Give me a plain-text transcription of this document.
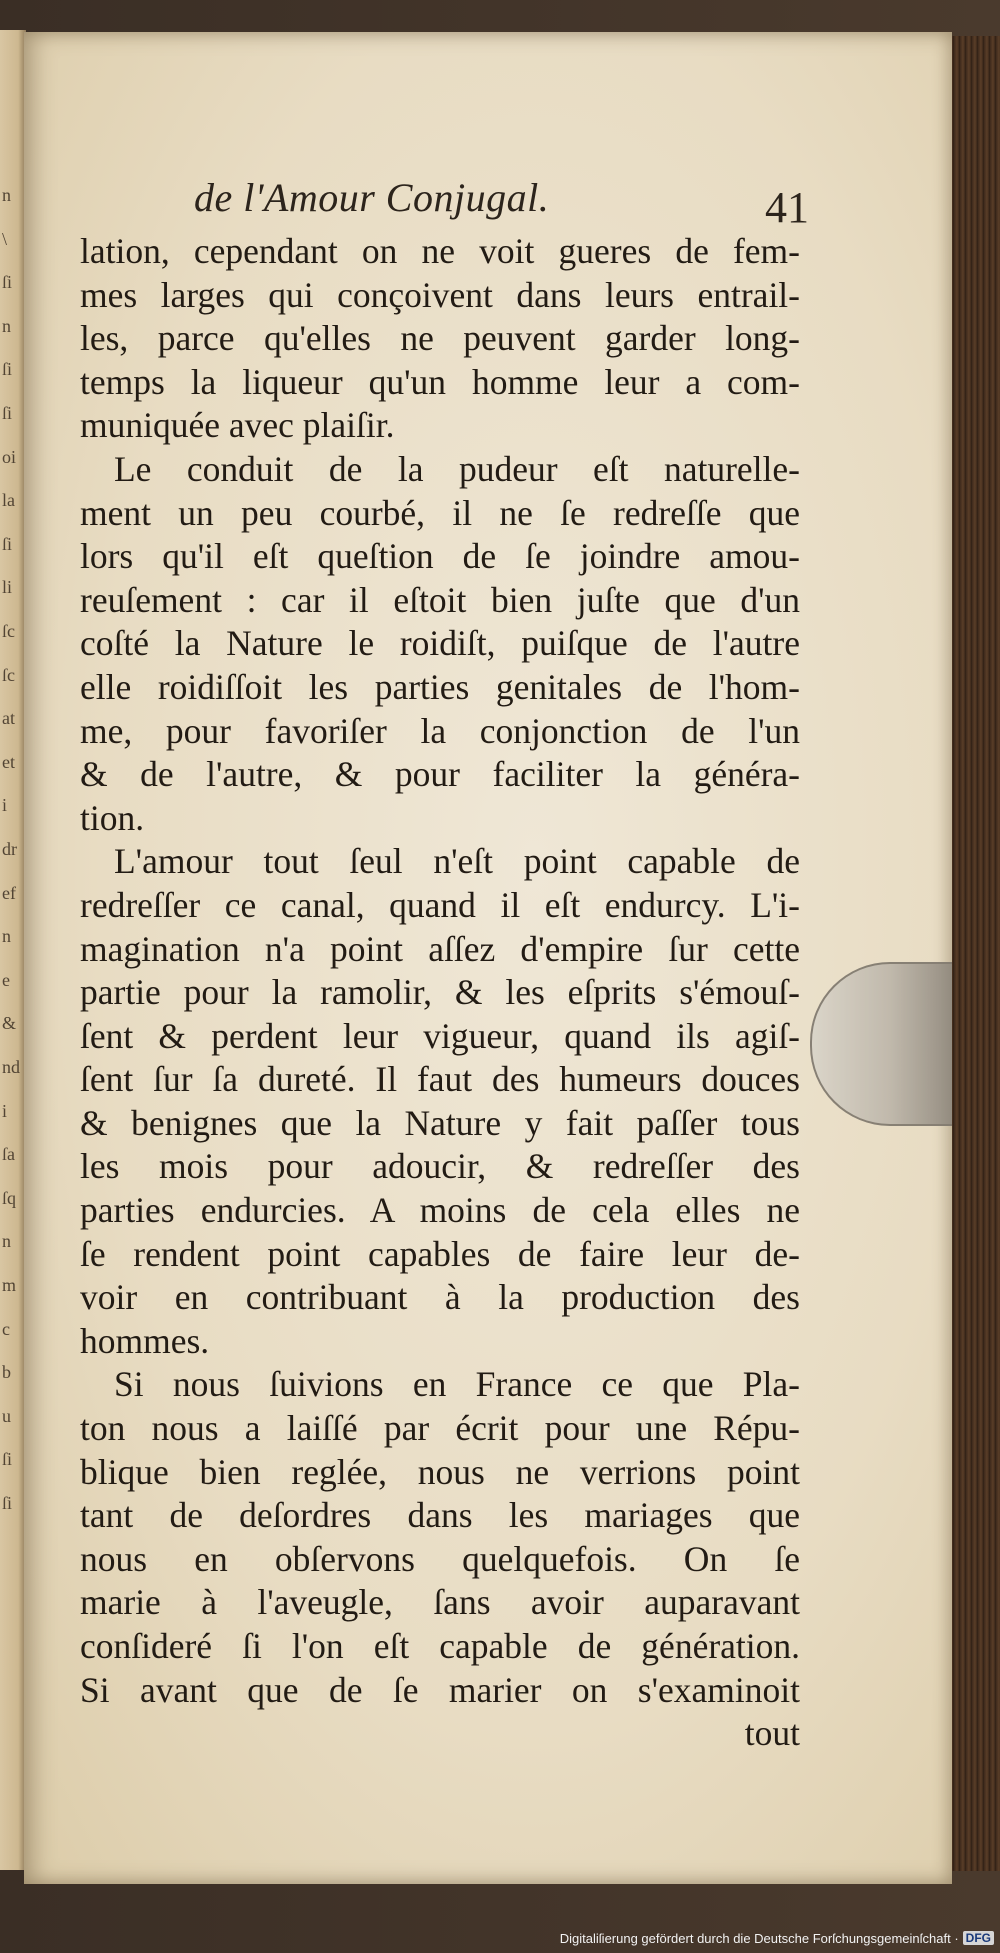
n
\
ſi
n
ſi
ſi
oi
la
ſi
li
ſc
ſc
at
et
i
dr
ef
n
e
&
nd
i
ſa
ſq
n
m
c
b
u
ſi
ſi
de l'Amour Conjugal.	41
lation, cependant on ne voit gueres de fem-
mes larges qui conçoivent dans leurs entrail-
les, parce qu'elles ne peuvent garder long-
temps la liqueur qu'un homme leur a com-
muniquée avec plaiſir.
Le conduit de la pudeur eſt naturelle-
ment un peu courbé, il ne ſe redreſſe que
lors qu'il eſt queſtion de ſe joindre amou-
reuſement : car il eſtoit bien juſte que d'un
coſté la Nature le roidiſt, puiſque de l'autre
elle roidiſſoit les parties genitales de l'hom-
me, pour favoriſer la conjonction de l'un
& de l'autre, & pour faciliter la généra-
tion.
L'amour tout ſeul n'eſt point capable de
redreſſer ce canal, quand il eſt endurcy. L'i-
magination n'a point aſſez d'empire ſur cette
partie pour la ramolir, & les eſprits s'émouſ-
ſent & perdent leur vigueur, quand ils agiſ-
ſent ſur ſa dureté. Il faut des humeurs douces
& benignes que la Nature y fait paſſer tous
les mois pour adoucir, & redreſſer des
parties endurcies. A moins de cela elles ne
ſe rendent point capables de faire leur de-
voir en contribuant à la production des
hommes.
Si nous ſuivions en France ce que Pla-
ton nous a laiſſé par écrit pour une Répu-
blique bien reglée, nous ne verrions point
tant de deſordres dans les mariages que
nous en obſervons quelquefois. On ſe
marie à l'aveugle, ſans avoir auparavant
conſideré ſi l'on eſt capable de génération.
Si avant que de ſe marier on s'examinoit
tout
Digitaliſierung gefördert durch die Deutsche Forſchungsgemeinſchaft · DFG
